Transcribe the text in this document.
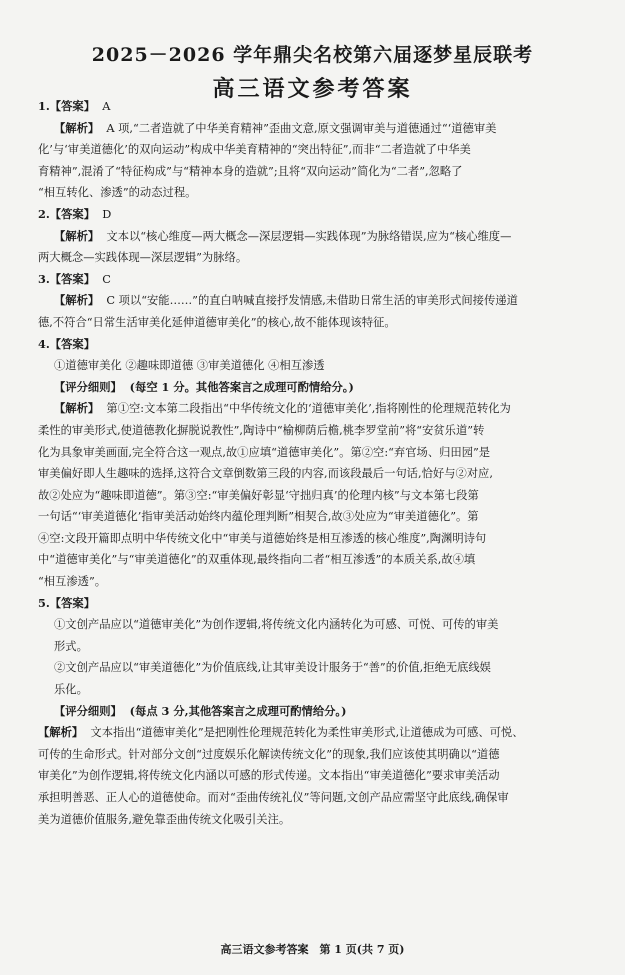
2025－2026 学年鼎尖名校第六届逐梦星辰联考
高三语文参考答案
1.【答案】 A
【解析】 A 项,“二者造就了中华美育精神”歪曲文意,原文强调审美与道德通过“‘道德审美
化’与‘审美道德化’的双向运动”构成中华美育精神的“突出特征”,而非“二者造就了中华美
育精神”,混淆了“特征构成”与“精神本身的造就”;且将“双向运动”简化为“二者”,忽略了
“相互转化、渗透”的动态过程。
2.【答案】 D
【解析】 文本以“核心维度—两大概念—深层逻辑—实践体现”为脉络错误,应为“核心维度—
两大概念—实践体现—深层逻辑”为脉络。
3.【答案】 C
【解析】 C 项以“安能……”的直白呐喊直接抒发情感,未借助日常生活的审美形式间接传递道
德,不符合“日常生活审美化延伸道德审美化”的核心,故不能体现该特征。
4.【答案】
①道德审美化 ②趣味即道德 ③审美道德化 ④相互渗透
【评分细则】 (每空 1 分。其他答案言之成理可酌情给分。)
【解析】 第①空:文本第二段指出“中华传统文化的‘道德审美化’,指将刚性的伦理规范转化为
柔性的审美形式,使道德教化摒脱说教性”,陶诗中“榆柳荫后檐,桃李罗堂前”将“安贫乐道”转
化为具象审美画面,完全符合这一观点,故①应填“道德审美化”。第②空:“弃官场、归田园”是
审美偏好即人生趣味的选择,这符合文章倒数第三段的内容,而该段最后一句话,恰好与②对应,
故②处应为“趣味即道德”。第③空:“审美偏好彰显‘守拙归真’的伦理内核”与文本第七段第
一句话“‘审美道德化’指审美活动始终内蕴伦理判断”相契合,故③处应为“审美道德化”。第
④空:文段开篇即点明中华传统文化中“审美与道德始终是相互渗透的核心维度”,陶渊明诗句
中“道德审美化”与“审美道德化”的双重体现,最终指向二者“相互渗透”的本质关系,故④填
“相互渗透”。
5.【答案】
①文创产品应以“道德审美化”为创作逻辑,将传统文化内涵转化为可感、可悦、可传的审美
形式。
②文创产品应以“审美道德化”为价值底线,让其审美设计服务于“善”的价值,拒绝无底线娱
乐化。
【评分细则】 (每点 3 分,其他答案言之成理可酌情给分。)
【解析】 文本指出“道德审美化”是把刚性伦理规范转化为柔性审美形式,让道德成为可感、可悦、
可传的生命形式。针对部分文创“过度娱乐化解读传统文化”的现象,我们应该使其明确以“道德
审美化”为创作逻辑,将传统文化内涵以可感的形式传递。文本指出“审美道德化”要求审美活动
承担明善恶、正人心的道德使命。而对“歪曲传统礼仪”等问题,文创产品应需坚守此底线,确保审
美为道德价值服务,避免靠歪曲传统文化吸引关注。
高三语文参考答案　第 1 页(共 7 页)
